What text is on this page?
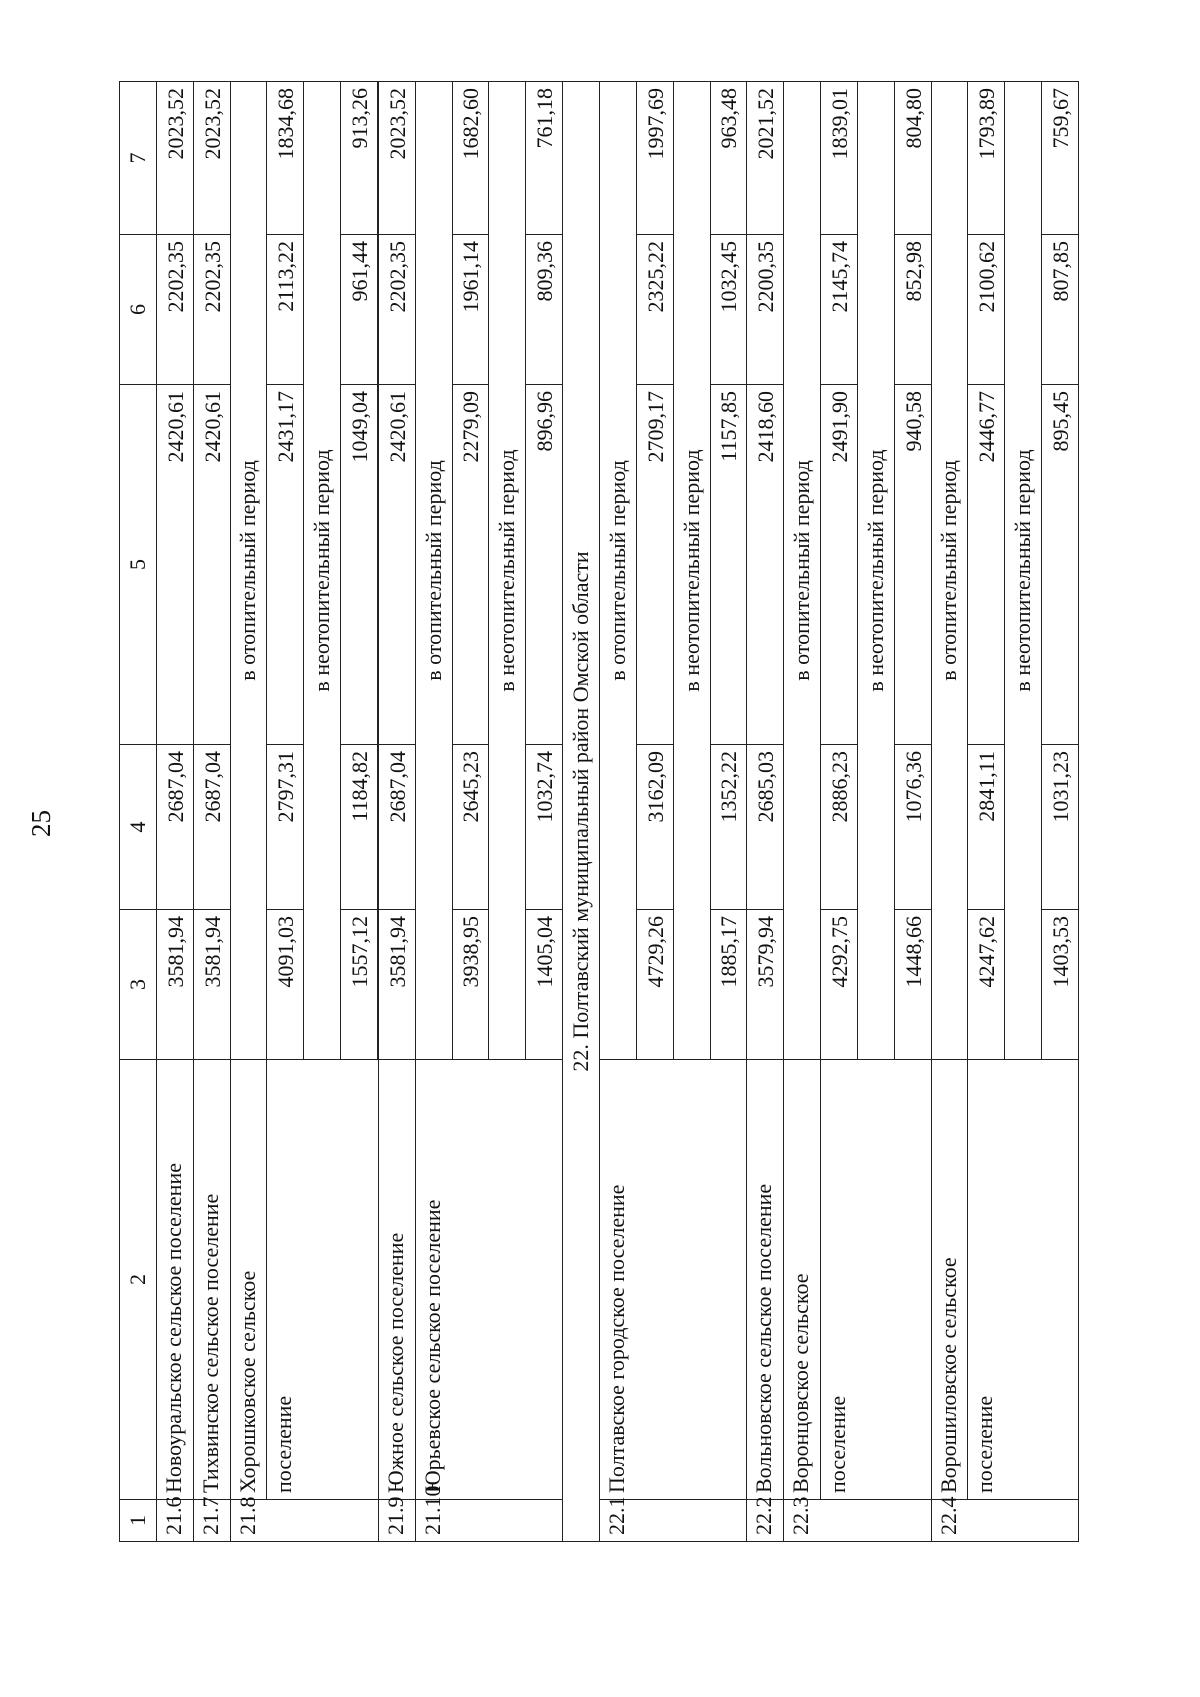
25
1	2	3	4	5	6	7
21.6	Новоуральское сельское поселение	3581,94	2687,04	2420,61	2202,35	2023,52
21.7	Тихвинское сельское поселение	3581,94	2687,04	2420,61	2202,35	2023,52
21.8	Хорошковское сельское	в отопительный период				
	поселение	4091,03	2797,31	2431,17	2113,22	1834,68
		в неотопительный период				
		1557,12	1184,82	1049,04	961,44	913,26

21.9	Южное сельское поселение	3581,94	2687,04	2420,61	2202,35	2023,52
21.10	Юрьевское сельское поселение	в отопительный период				
		3938,95	2645,23	2279,09	1961,14	1682,60
		в неотопительный период				
		1405,04	1032,74	896,96	809,36	761,18
22. Полтавский муниципальный район Омской области						
22.1	Полтавское городское поселение	в отопительный период				
		4729,26	3162,09	2709,17	2325,22	1997,69
		в неотопительный период				
		1885,17	1352,22	1157,85	1032,45	963,48
22.2	Вольновское сельское поселение	3579,94	2685,03	2418,60	2200,35	2021,52
22.3	Воронцовское сельское	в отопительный период				
	поселение	4292,75	2886,23	2491,90	2145,74	1839,01
		в неотопительный период				
		1448,66	1076,36	940,58	852,98	804,80
22.4	Ворошиловское сельское	в отопительный период				
	поселение	4247,62	2841,11	2446,77	2100,62	1793,89
		в неотопительный период				
		1403,53	1031,23	895,45	807,85	759,67
